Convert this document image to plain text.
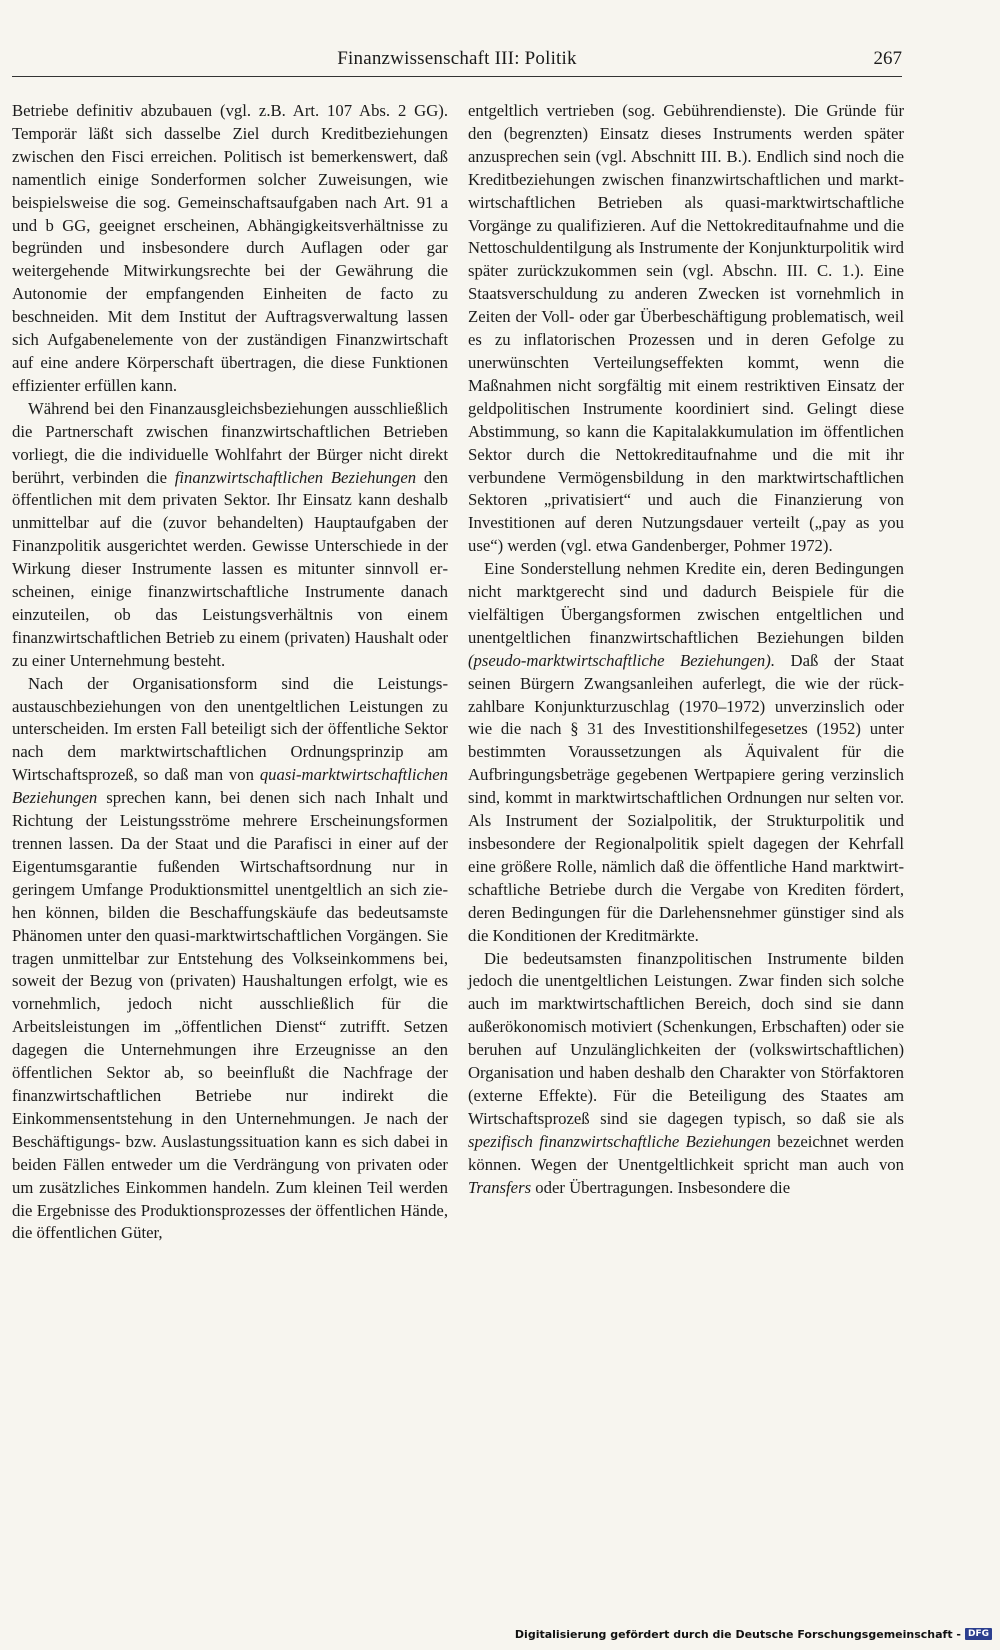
Finanzwissenschaft III: Politik	267

Betriebe definitiv abzubauen (vgl. z.B. Art. 107 Abs. 2 GG). Temporär läßt sich dasselbe Ziel durch Kreditbeziehungen zwischen den Fisci erreichen. Politisch ist bemerkenswert, daß namentlich einige Sonderformen solcher Zuweisungen, wie beispielsweise die sog. Gemeinschaftsaufgaben nach Art. 91 a und b GG, geeignet erscheinen, Abhängigkeitsverhältnisse zu begründen und insbesondere durch Auflagen oder gar weitergehende Mitwirkungsrechte bei der Gewährung die Autonomie der empfangenden Einheiten de facto zu beschneiden. Mit dem Institut der Auftragsverwaltung lassen sich Aufgabenelemente von der zuständigen Finanzwirtschaft auf eine andere Körperschaft übertragen, die diese Funktionen effizienter erfüllen kann.

Während bei den Finanzausgleichsbeziehungen ausschließlich die Partnerschaft zwischen finanzwirtschaftlichen Betrieben vorliegt, die die individuelle Wohlfahrt der Bürger nicht direkt berührt, verbinden die finanzwirtschaftlichen Beziehungen den öffentlichen mit dem privaten Sektor. Ihr Einsatz kann deshalb unmittelbar auf die (zuvor behandelten) Hauptaufgaben der Finanzpolitik ausgerichtet werden. Gewisse Unterschiede in der Wirkung dieser Instrumente lassen es mitunter sinnvoll erscheinen, einige finanzwirtschaftliche Instrumente danach einzuteilen, ob das Leistungsverhältnis von einem finanzwirtschaftlichen Betrieb zu einem (privaten) Haushalt oder zu einer Unternehmung besteht.

Nach der Organisationsform sind die Leistungsaustauschbeziehungen von den unentgeltlichen Leistungen zu unterscheiden. Im ersten Fall beteiligt sich der öffentliche Sektor nach dem marktwirtschaftlichen Ordnungsprinzip am Wirtschaftsprozeß, so daß man von quasi-marktwirtschaftlichen Beziehungen sprechen kann, bei denen sich nach Inhalt und Richtung der Leistungsströme mehrere Erscheinungsformen trennen lassen. Da der Staat und die Parafisci in einer auf der Eigentumsgarantie fußenden Wirtschaftsordnung nur in geringem Umfange Produktionsmittel unentgeltlich an sich ziehen können, bilden die Beschaffungskäufe das bedeutsamste Phänomen unter den quasi-marktwirtschaftlichen Vorgängen. Sie tragen unmittelbar zur Entstehung des Volkseinkommens bei, soweit der Bezug von (privaten) Haushaltungen erfolgt, wie es vornehmlich, jedoch nicht ausschließlich für die Arbeitsleistungen im „öffentlichen Dienst“ zutrifft. Setzen dagegen die Unternehmungen ihre Erzeugnisse an den öffentlichen Sektor ab, so beeinflußt die Nachfrage der finanzwirtschaftlichen Betriebe nur indirekt die Einkommensentstehung in den Unternehmungen. Je nach der Beschäftigungs- bzw. Auslastungssituation kann es sich dabei in beiden Fällen entweder um die Verdrängung von privaten oder um zusätzliches Einkommen handeln. Zum kleinen Teil werden die Ergebnisse des Produktionsprozesses der öffentlichen Hände, die öffentlichen Güter,

entgeltlich vertrieben (sog. Gebührendienste). Die Gründe für den (begrenzten) Einsatz dieses Instruments werden später anzusprechen sein (vgl. Abschnitt III. B.). Endlich sind noch die Kreditbeziehungen zwischen finanzwirtschaftlichen und marktwirtschaftlichen Betrieben als quasi-marktwirtschaftliche Vorgänge zu qualifizieren. Auf die Nettokreditaufnahme und die Nettoschuldentilgung als Instrumente der Konjunkturpolitik wird später zurückzukommen sein (vgl. Abschn. III. C. 1.). Eine Staatsverschuldung zu anderen Zwecken ist vornehmlich in Zeiten der Voll- oder gar Überbeschäftigung problematisch, weil es zu inflatorischen Prozessen und in deren Gefolge zu unerwünschten Verteilungseffekten kommt, wenn die Maßnahmen nicht sorgfältig mit einem restriktiven Einsatz der geldpolitischen Instrumente koordiniert sind. Gelingt diese Abstimmung, so kann die Kapitalakkumulation im öffentlichen Sektor durch die Nettokreditaufnahme und die mit ihr verbundene Vermögensbildung in den marktwirtschaftlichen Sektoren „privatisiert“ und auch die Finanzierung von Investitionen auf deren Nutzungsdauer verteilt („pay as you use“) werden (vgl. etwa Gandenberger, Pohmer 1972).

Eine Sonderstellung nehmen Kredite ein, deren Bedingungen nicht marktgerecht sind und dadurch Beispiele für die vielfältigen Übergangsformen zwischen entgeltlichen und unentgeltlichen finanzwirtschaftlichen Beziehungen bilden (pseudo-marktwirtschaftliche Beziehungen). Daß der Staat seinen Bürgern Zwangsanleihen auferlegt, die wie der rückzahlbare Konjunkturzuschlag (1970–1972) unverzinslich oder wie die nach § 31 des Investitionshilfegesetzes (1952) unter bestimmten Voraussetzungen als Äquivalent für die Aufbringungsbeträge gegebenen Wertpapiere gering verzinslich sind, kommt in marktwirtschaftlichen Ordnungen nur selten vor. Als Instrument der Sozialpolitik, der Strukturpolitik und insbesondere der Regionalpolitik spielt dagegen der Kehrfall eine größere Rolle, nämlich daß die öffentliche Hand marktwirtschaftliche Betriebe durch die Vergabe von Krediten fördert, deren Bedingungen für die Darlehensnehmer günstiger sind als die Konditionen der Kreditmärkte.

Die bedeutsamsten finanzpolitischen Instrumente bilden jedoch die unentgeltlichen Leistungen. Zwar finden sich solche auch im marktwirtschaftlichen Bereich, doch sind sie dann außerökonomisch motiviert (Schenkungen, Erbschaften) oder sie beruhen auf Unzulänglichkeiten der (volkswirtschaftlichen) Organisation und haben deshalb den Charakter von Störfaktoren (externe Effekte). Für die Beteiligung des Staates am Wirtschaftsprozeß sind sie dagegen typisch, so daß sie als spezifisch finanzwirtschaftliche Beziehungen bezeichnet werden können. Wegen der Unentgeltlichkeit spricht man auch von Transfers oder Übertragungen. Insbesondere die

Digitalisierung gefördert durch die Deutsche Forschungsgemeinschaft - DFG
